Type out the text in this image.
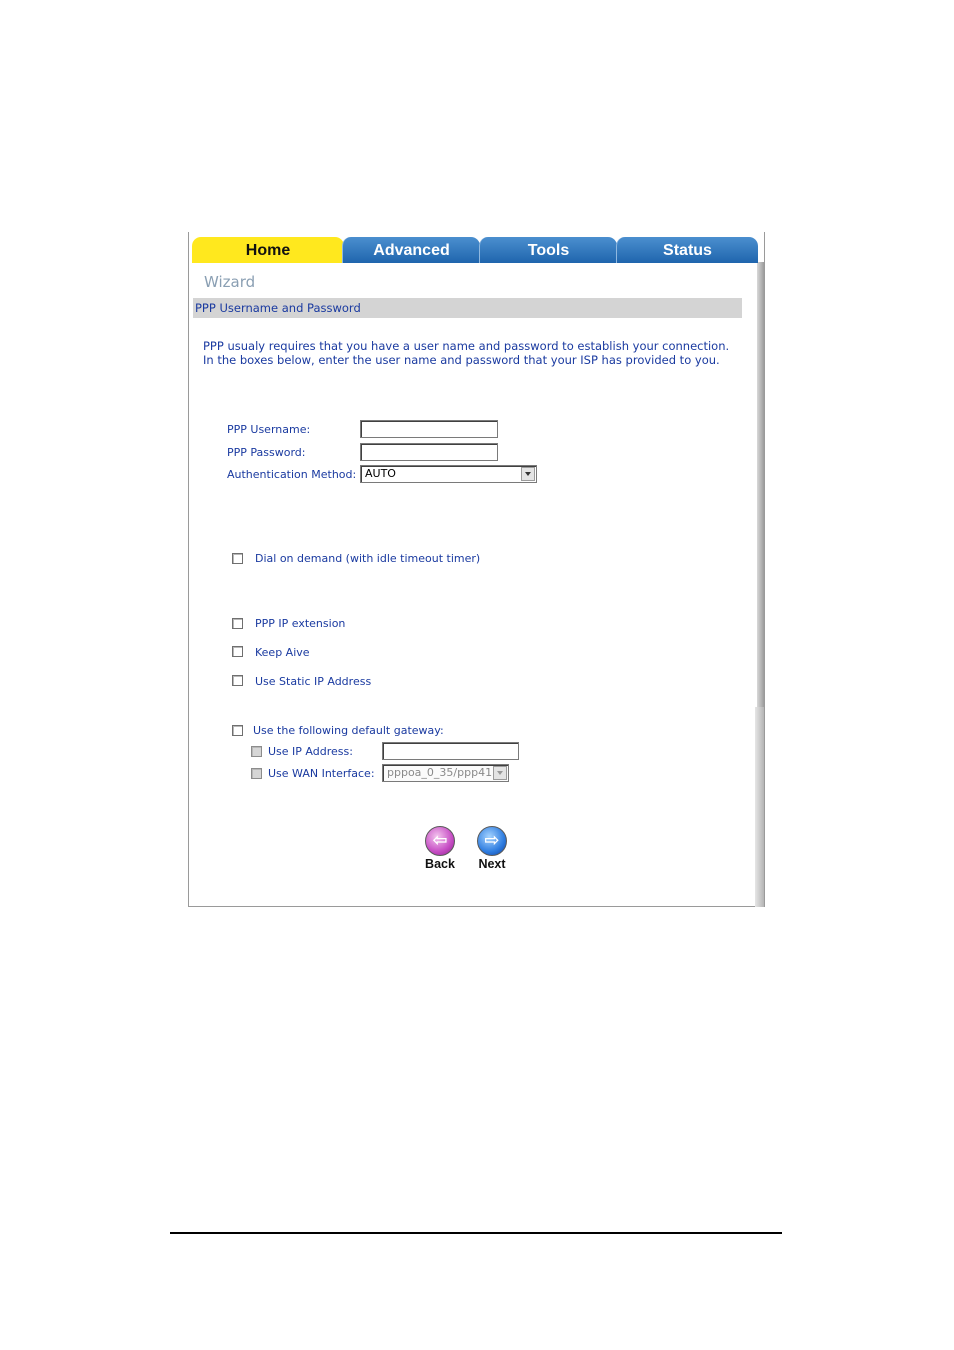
Home	Advanced	Tools	Status
Wizard
PPP Username and Password
PPP usualy requires that you have a user name and password to establish your connection.
In the boxes below, enter the user name and password that your ISP has provided to you.
PPP Username:
PPP Password:
Authentication Method: AUTO
Dial on demand (with idle timeout timer)
PPP IP extension
Keep Aive
Use Static IP Address
Use the following default gateway:
Use IP Address:
Use WAN Interface:	pppoa_0_35/ppp41
⇦
Back
⇨
Next
